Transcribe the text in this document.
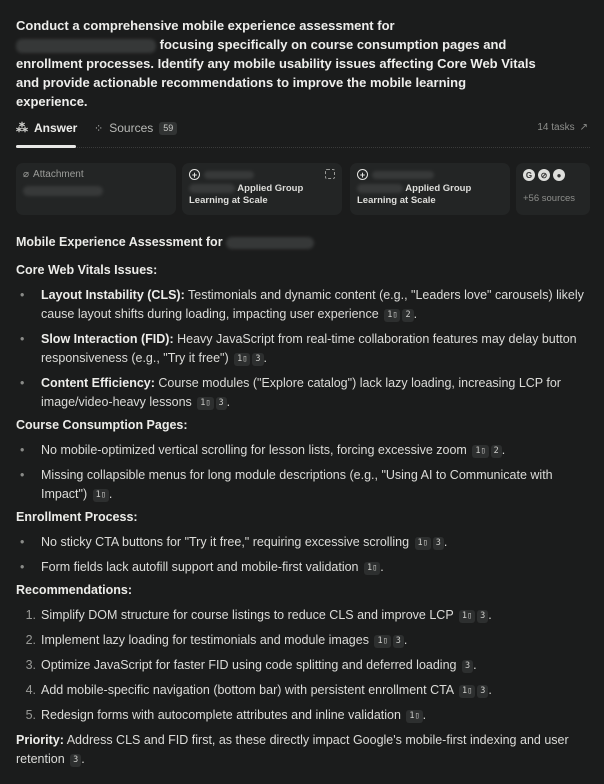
Conduct a comprehensive mobile experience assessment for  focusing specifically on course consumption pages and enrollment processes. Identify any mobile usability issues affecting Core Web Vitals and provide actionable recommendations to improve the mobile learning experience.
⁂ Answer ⁘ Sources	59	14 tasks ↗
⌀ Attachment	+
Applied Group
Learning at Scale
+
Applied Group
Learning at Scale
G	⊘	●
+56 sources
Mobile Experience Assessment for
Core Web Vitals Issues:
• Layout Instability (CLS): Testimonials and dynamic content (e.g., "Leaders love" carousels) likely cause layout shifts during loading, impacting user experience 1▯ 2 .
• Slow Interaction (FID): Heavy JavaScript from real-time collaboration features may delay button responsiveness (e.g., "Try it free") 1▯ 3 .
• Content Efficiency: Course modules ("Explore catalog") lack lazy loading, increasing LCP for image/video-heavy lessons 1▯ 3 .
Course Consumption Pages:
• No mobile-optimized vertical scrolling for lesson lists, forcing excessive zoom 1▯ 2 .
• Missing collapsible menus for long module descriptions (e.g., "Using AI to Communicate with Impact") 1▯ .
Enrollment Process:
• No sticky CTA buttons for "Try it free," requiring excessive scrolling 1▯ 3 .
• Form fields lack autofill support and mobile-first validation 1▯ .
Recommendations:
1. Simplify DOM structure for course listings to reduce CLS and improve LCP 1▯ 3 .
2. Implement lazy loading for testimonials and module images 1▯ 3 .
3. Optimize JavaScript for faster FID using code splitting and deferred loading 3 .
4. Add mobile-specific navigation (bottom bar) with persistent enrollment CTA 1▯ 3 .
5. Redesign forms with autocomplete attributes and inline validation 1▯ .
Priority: Address CLS and FID first, as these directly impact Google's mobile-first indexing and user retention 3 .
